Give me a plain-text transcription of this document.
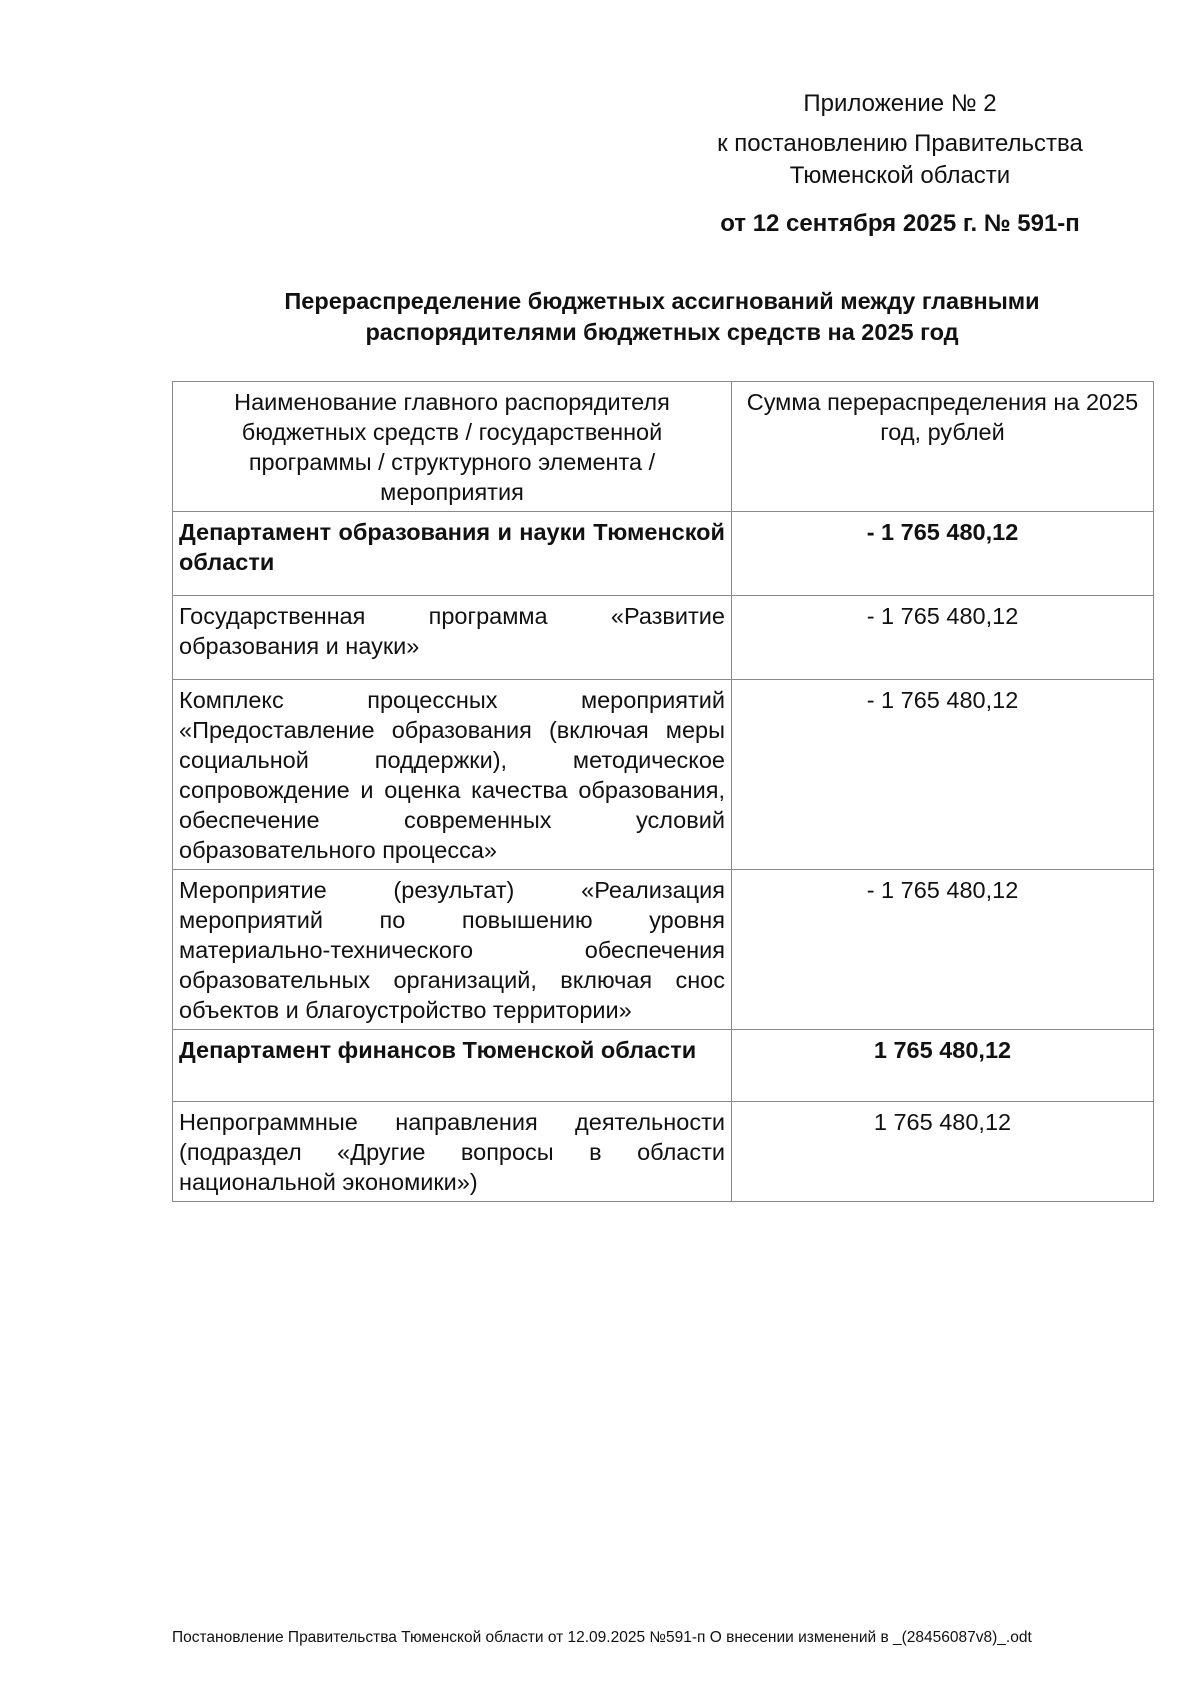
Приложение № 2
к постановлению Правительства
Тюменской области
от 12 сентября 2025 г. № 591-п
Перераспределение бюджетных ассигнований между главными
распорядителями бюджетных средств на 2025 год
Наименование главного распорядителя бюджетных средств / государственной программы / структурного элемента / мероприятия	Сумма перераспределения на 2025 год, рублей
Департамент образования и науки Тюменской области	- 1 765 480,12
Государственная программа «Развитие образования и науки»	- 1 765 480,12
Комплекс процессных мероприятий «Предоставление образования (включая меры социальной поддержки), методическое сопровождение и оценка качества образования, обеспечение современных условий образовательного процесса»	- 1 765 480,12
Мероприятие (результат) «Реализация мероприятий по повышению уровня материально-технического обеспечения образовательных организаций, включая снос объектов и благоустройство территории»	- 1 765 480,12
Департамент финансов Тюменской области	1 765 480,12
Непрограммные направления деятельности (подраздел «Другие вопросы в области национальной экономики»)	1 765 480,12
Постановление Правительства Тюменской области от 12.09.2025 №591-п О внесении изменений в _(28456087v8)_.odt
